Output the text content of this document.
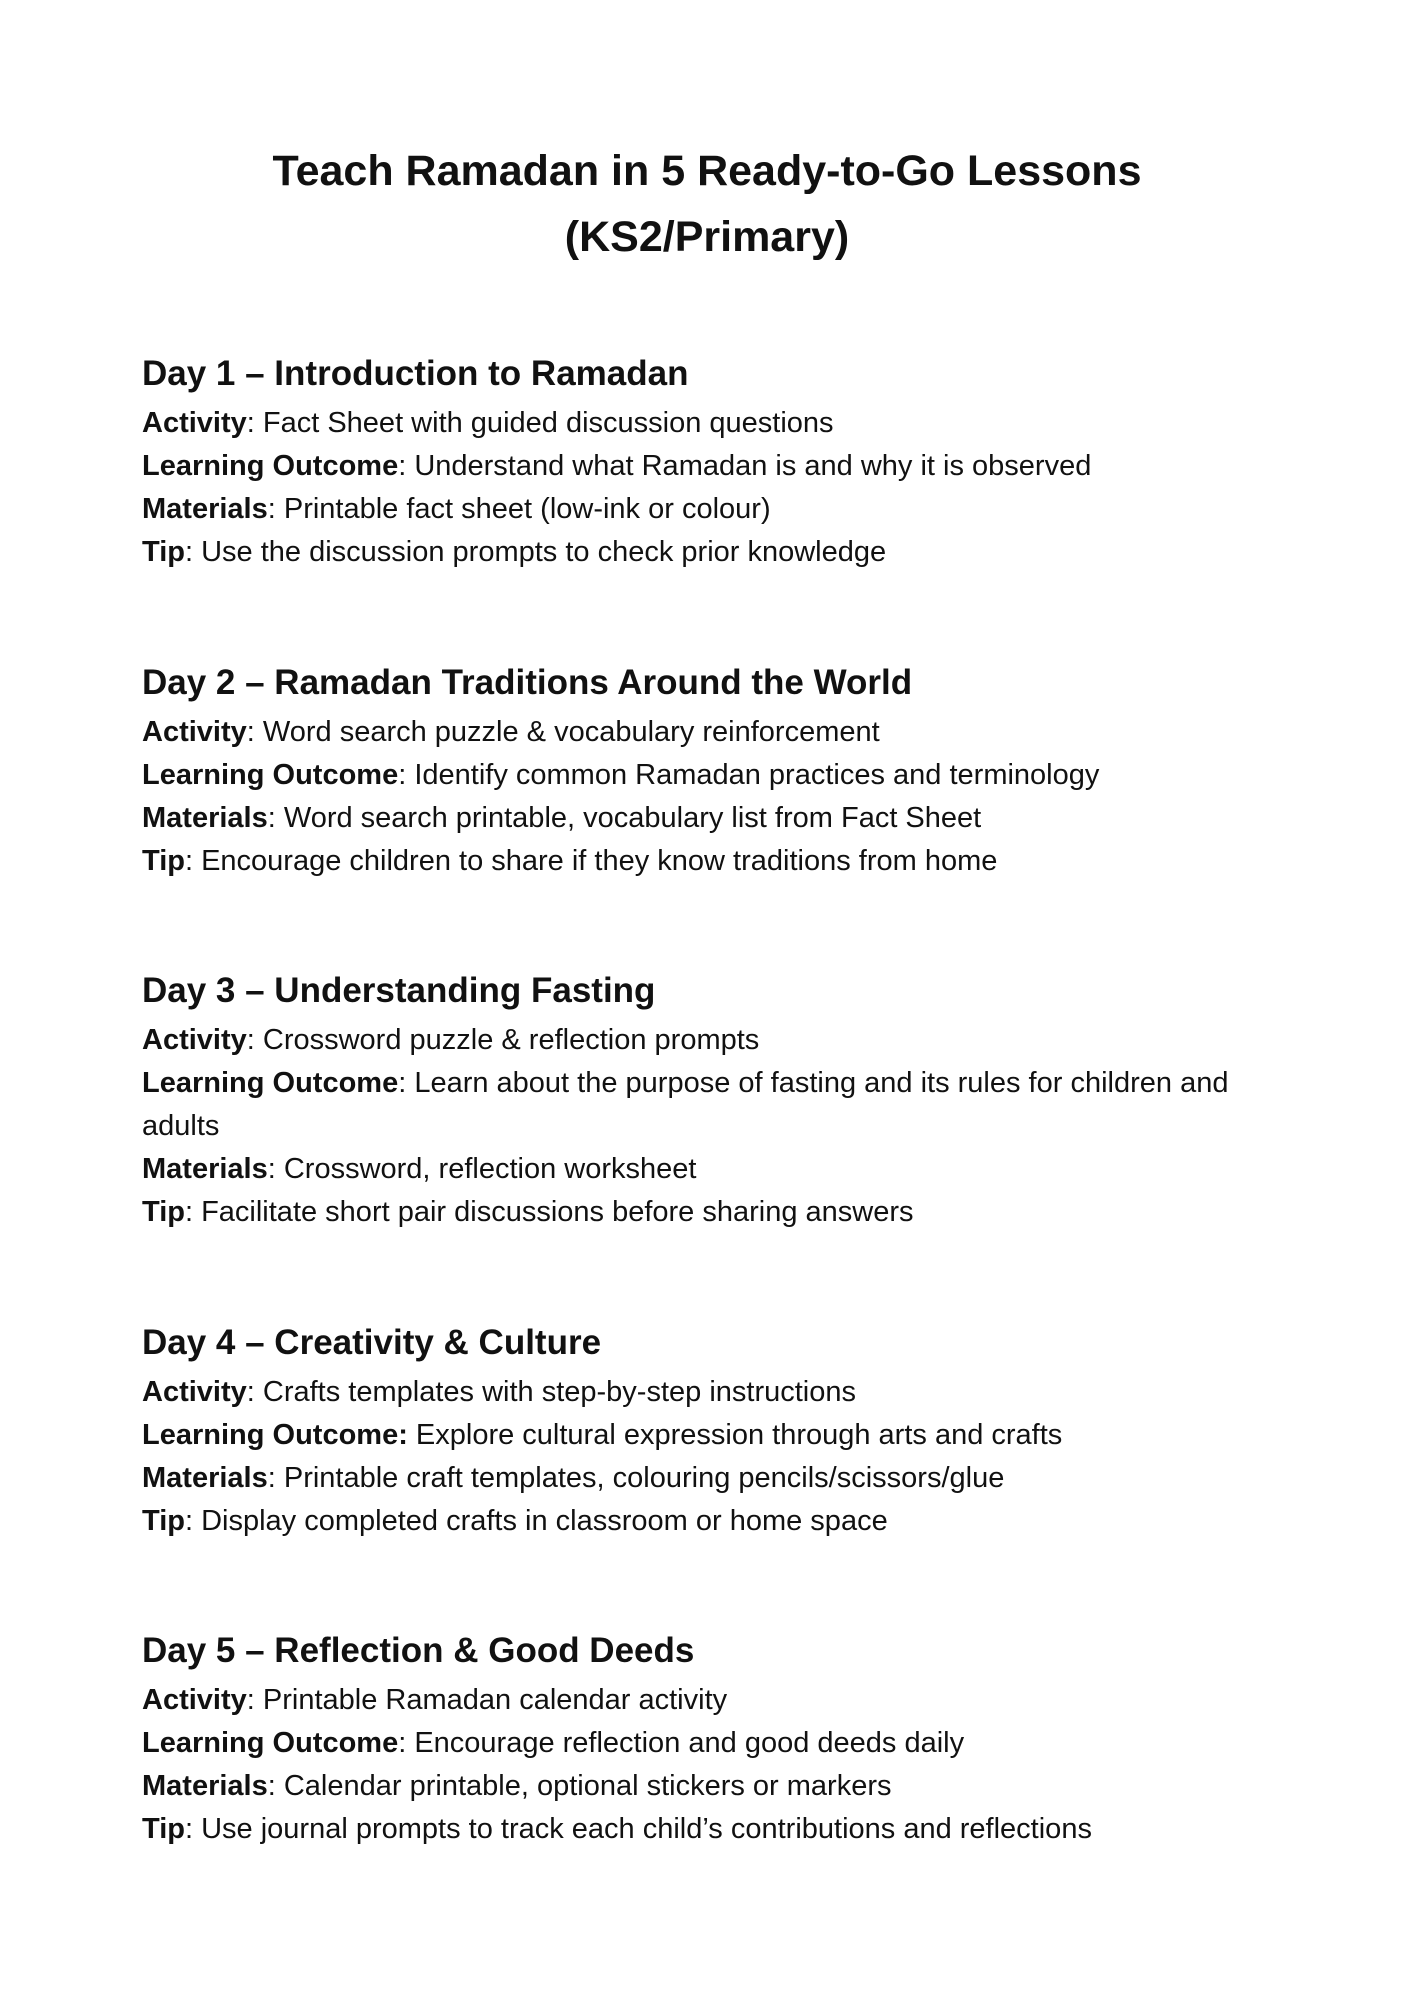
Teach Ramadan in 5 Ready-to-Go Lessons
(KS2/Primary)
Day 1 – Introduction to Ramadan

Activity: Fact Sheet with guided discussion questions

Learning Outcome: Understand what Ramadan is and why it is observed

Materials: Printable fact sheet (low-ink or colour)

Tip: Use the discussion prompts to check prior knowledge

Day 2 – Ramadan Traditions Around the World

Activity: Word search puzzle & vocabulary reinforcement

Learning Outcome: Identify common Ramadan practices and terminology

Materials: Word search printable, vocabulary list from Fact Sheet

Tip: Encourage children to share if they know traditions from home

Day 3 – Understanding Fasting

Activity: Crossword puzzle & reflection prompts

Learning Outcome: Learn about the purpose of fasting and its rules for children and adults

Materials: Crossword, reflection worksheet

Tip: Facilitate short pair discussions before sharing answers

Day 4 – Creativity & Culture

Activity: Crafts templates with step-by-step instructions

Learning Outcome: Explore cultural expression through arts and crafts

Materials: Printable craft templates, colouring pencils/scissors/glue

Tip: Display completed crafts in classroom or home space

Day 5 – Reflection & Good Deeds

Activity: Printable Ramadan calendar activity

Learning Outcome: Encourage reflection and good deeds daily

Materials: Calendar printable, optional stickers or markers

Tip: Use journal prompts to track each child’s contributions and reflections
